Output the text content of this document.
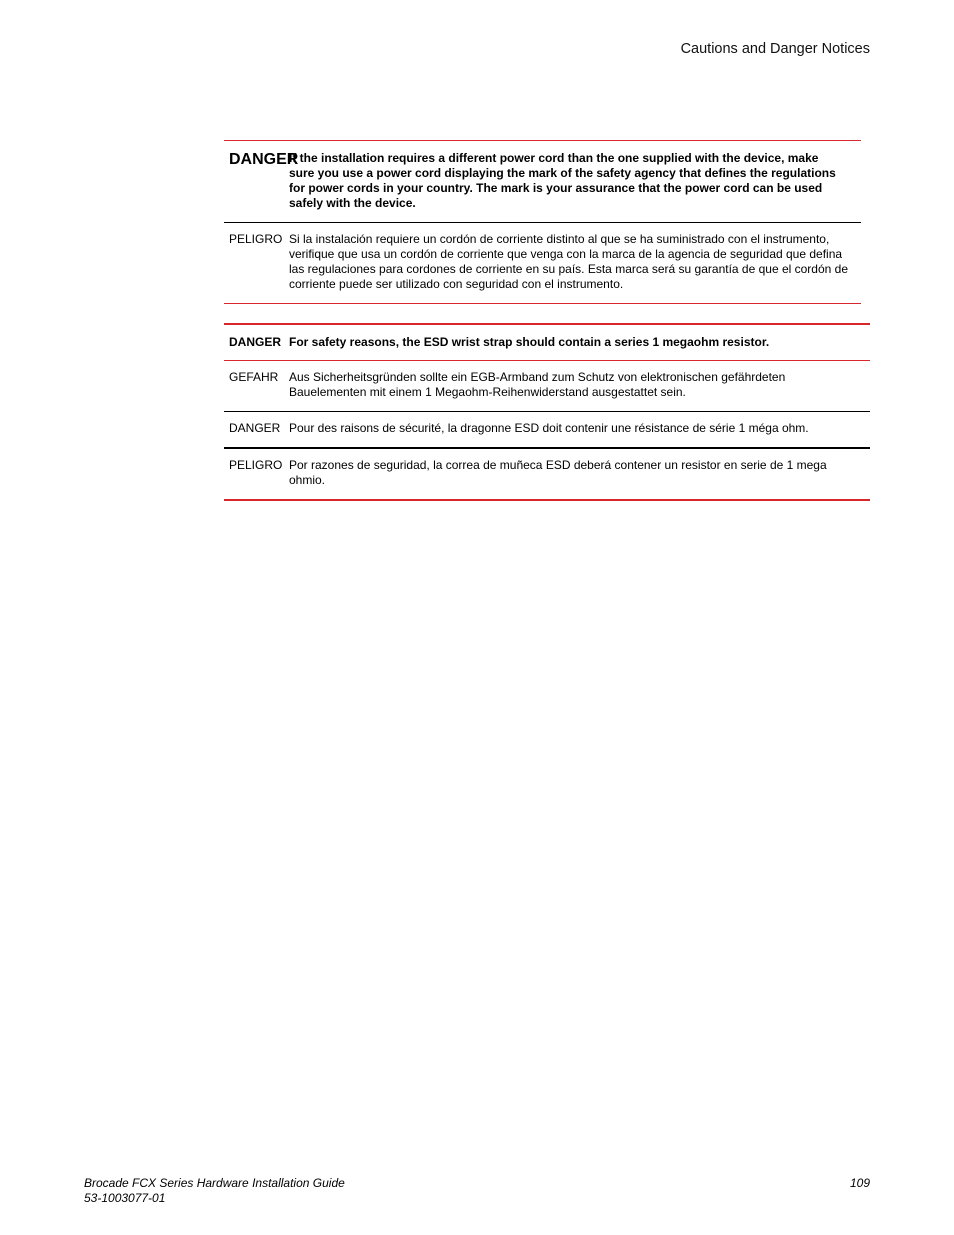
Cautions and Danger Notices
DANGER
If the installation requires a different power cord than the one supplied with the device, make sure you use a power cord displaying the mark of the safety agency that defines the regulations for power cords in your country. The mark is your assurance that the power cord can be used safely with the device.
PELIGRO Si la instalación requiere un cordón de corriente distinto al que se ha suministrado con el instrumento, verifique que usa un cordón de corriente que venga con la marca de la agencia de seguridad que defina las regulaciones para cordones de corriente en su país. Esta marca será su garantía de que el cordón de corriente puede ser utilizado con seguridad con el instrumento.
DANGER For safety reasons, the ESD wrist strap should contain a series 1 megaohm resistor.
GEFAHR Aus Sicherheitsgründen sollte ein EGB-Armband zum Schutz von elektronischen gefährdeten Bauelementen mit einem 1 Megaohm-Reihenwiderstand ausgestattet sein.
DANGER Pour des raisons de sécurité, la dragonne ESD doit contenir une résistance de série 1 méga ohm.
PELIGRO Por razones de seguridad, la correa de muñeca ESD deberá contener un resistor en serie de 1 mega ohmio.
Brocade FCX Series Hardware Installation Guide
53-1003077-01
109
